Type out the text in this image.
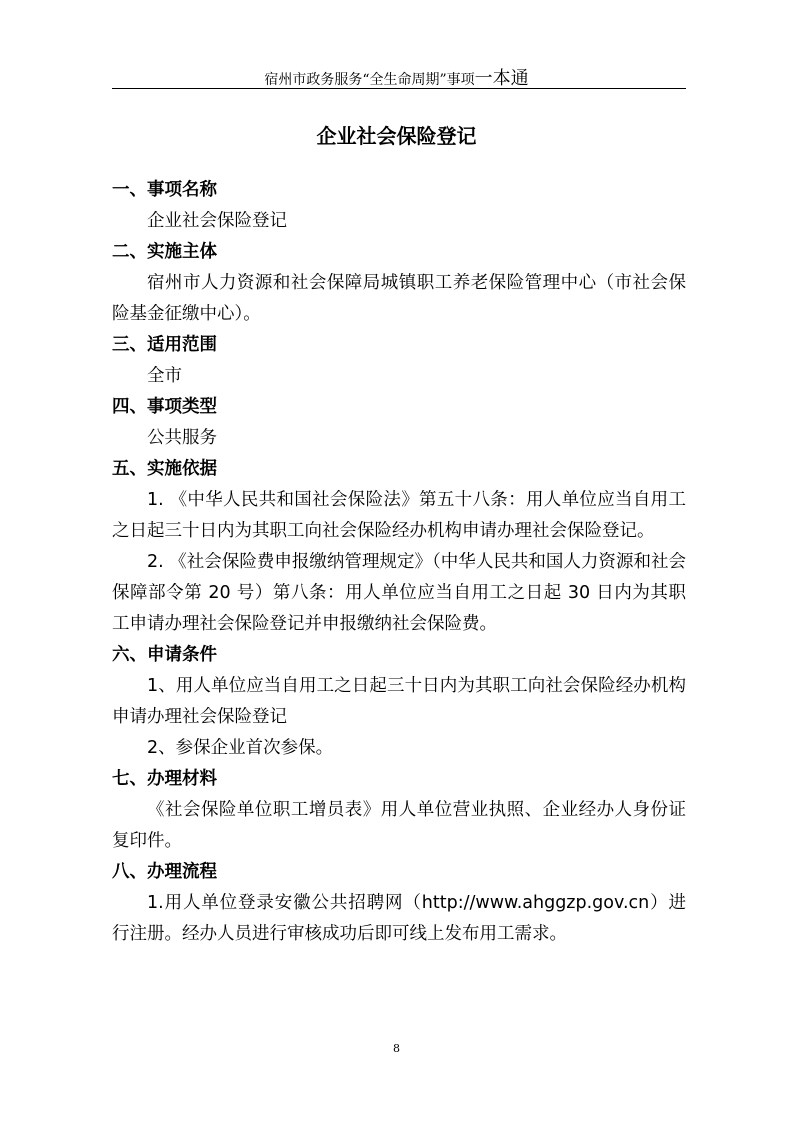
宿州市政务服务“全生命周期”事项一本通
企业社会保险登记

一、事项名称

企业社会保险登记

二、实施主体

宿州市人力资源和社会保障局城镇职工养老保险管理中心（市社会保险基金征缴中心）。

三、适用范围

全市

四、事项类型

公共服务

五、实施依据

1. 《中华人民共和国社会保险法》第五十八条：用人单位应当自用工之日起三十日内为其职工向社会保险经办机构申请办理社会保险登记。

2. 《社会保险费申报缴纳管理规定》（中华人民共和国人力资源和社会保障部令第 20 号）第八条：用人单位应当自用工之日起 30 日内为其职工申请办理社会保险登记并申报缴纳社会保险费。

六、申请条件

1、用人单位应当自用工之日起三十日内为其职工向社会保险经办机构申请办理社会保险登记

2、参保企业首次参保。

七、办理材料

《社会保险单位职工增员表》用人单位营业执照、企业经办人身份证复印件。

八、办理流程

1.用人单位登录安徽公共招聘网（http://www.ahggzp.gov.cn）进行注册。经办人员进行审核成功后即可线上发布用工需求。

8
